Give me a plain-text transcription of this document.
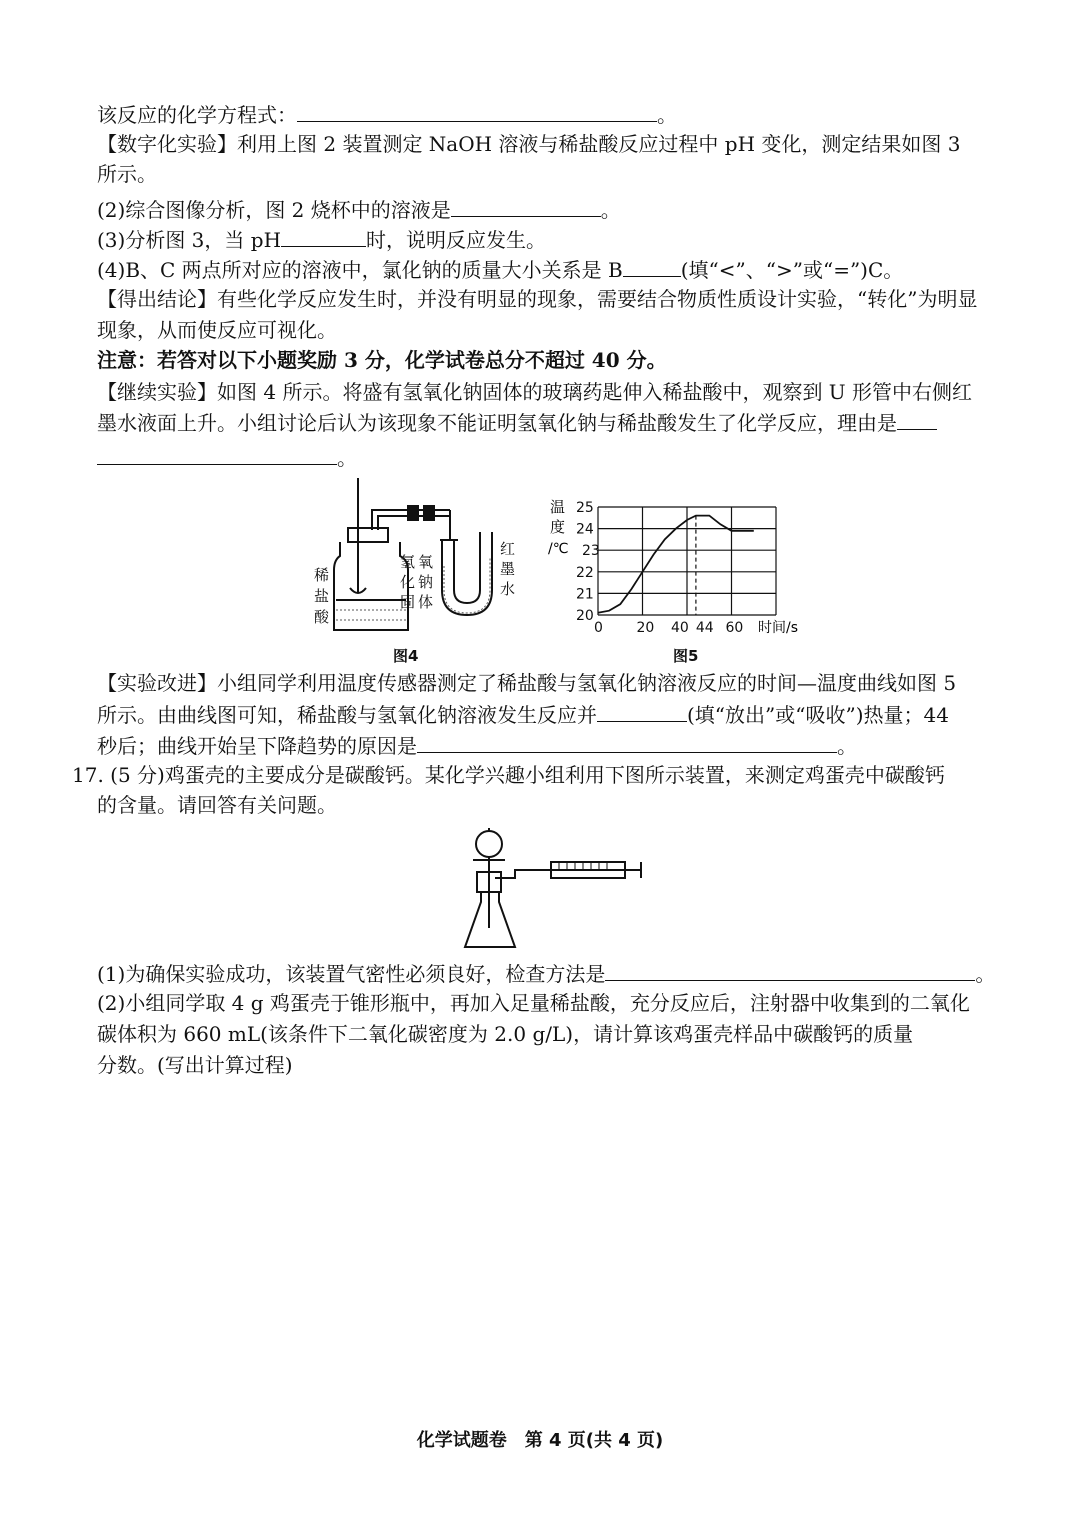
该反应的化学方程式：	。
【数字化实验】利用上图 2 装置测定 NaOH 溶液与稀盐酸反应过程中 pH 变化，测定结果如图 3
所示。
(2)综合图像分析，图 2 烧杯中的溶液是	。
(3)分析图 3，当 pH	时，说明反应发生。
(4)B、C 两点所对应的溶液中，氯化钠的质量大小关系是 B	(填“<”、“>”或“=”)C。
【得出结论】有些化学反应发生时，并没有明显的现象，需要结合物质性质设计实验，“转化”为明显
现象，从而使反应可视化。
注意：若答对以下小题奖励 3 分，化学试卷总分不超过 40 分。
【继续实验】如图 4 所示。将盛有氢氧化钠固体的玻璃药匙伸入稀盐酸中，观察到 U 形管中右侧红
墨水液面上升。小组讨论后认为该现象不能证明氢氧化钠与稀盐酸发生了化学反应，理由是
。
稀
盐
酸
氢
化
固
氧
钠
体
红
墨
水
图4
0 20 40 44 60
20
21
22
23
24
25
温
度
/℃
时间/s
图5
【实验改进】小组同学利用温度传感器测定了稀盐酸与氢氧化钠溶液反应的时间—温度曲线如图 5
所示。由曲线图可知，稀盐酸与氢氧化钠溶液发生反应并	(填“放出”或“吸收”)热量；44
秒后；曲线开始呈下降趋势的原因是	。
17. (5 分)鸡蛋壳的主要成分是碳酸钙。某化学兴趣小组利用下图所示装置，来测定鸡蛋壳中碳酸钙
的含量。请回答有关问题。
(1)为确保实验成功，该装置气密性必须良好，检查方法是	。
(2)小组同学取 4 g 鸡蛋壳于锥形瓶中，再加入足量稀盐酸，充分反应后，注射器中收集到的二氧化
碳体积为 660 mL(该条件下二氧化碳密度为 2.0 g/L)，请计算该鸡蛋壳样品中碳酸钙的质量
分数。(写出计算过程)
化学试题卷　第 4 页(共 4 页)
